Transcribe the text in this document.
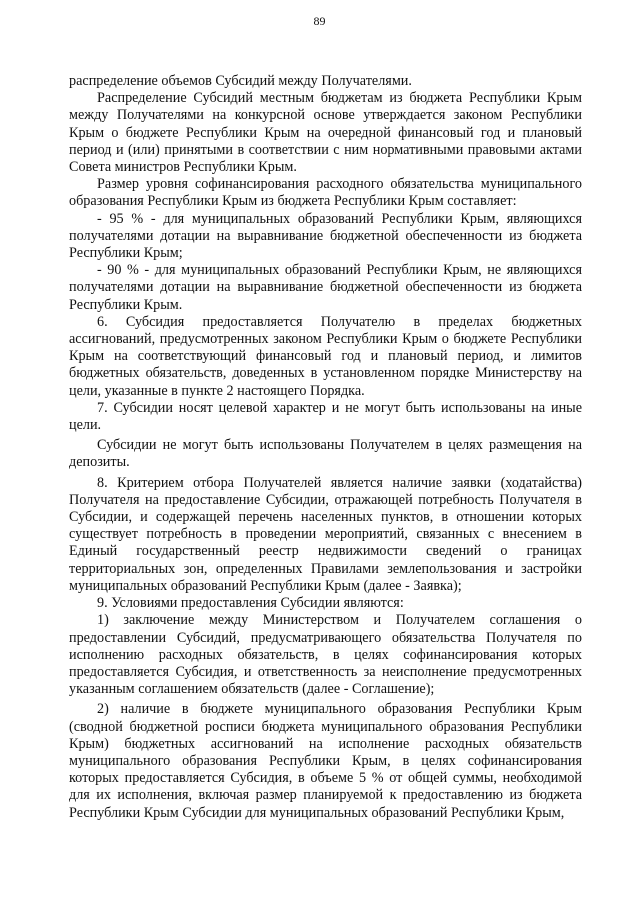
89

распределение объемов Субсидий между Получателями.

Распределение Субсидий местным бюджетам из бюджета Республики Крым между Получателями на конкурсной основе утверждается законом Республики Крым о бюджете Республики Крым на очередной финансовый год и плановый период и (или) принятыми в соответствии с ним нормативными правовыми актами Совета министров Республики Крым.

Размер уровня софинансирования расходного обязательства муниципального образования Республики Крым из бюджета Республики Крым составляет:

- 95 % - для муниципальных образований Республики Крым, являющихся получателями дотации на выравнивание бюджетной обеспеченности из бюджета Республики Крым;

- 90 % - для муниципальных образований Республики Крым, не являющихся получателями дотации на выравнивание бюджетной обеспеченности из бюджета Республики Крым.

6. Субсидия предоставляется Получателю в пределах бюджетных ассигнований, предусмотренных законом Республики Крым о бюджете Республики Крым на соответствующий финансовый год и плановый период, и лимитов бюджетных обязательств, доведенных в установленном порядке Министерству на цели, указанные в пункте 2 настоящего Порядка.

7. Субсидии носят целевой характер и не могут быть использованы на иные цели.

Субсидии не могут быть использованы Получателем в целях размещения на депозиты.

8. Критерием отбора Получателей является наличие заявки (ходатайства) Получателя на предоставление Субсидии, отражающей потребность Получателя в Субсидии, и содержащей перечень населенных пунктов, в отношении которых существует потребность в проведении мероприятий, связанных с внесением в Единый государственный реестр недвижимости сведений о границах территориальных зон, определенных Правилами землепользования и застройки муниципальных образований Республики Крым (далее - Заявка);

9. Условиями предоставления Субсидии являются:

1) заключение между Министерством и Получателем соглашения о предоставлении Субсидий, предусматривающего обязательства Получателя по исполнению расходных обязательств, в целях софинансирования которых предоставляется Субсидия, и ответственность за неисполнение предусмотренных указанным соглашением обязательств (далее - Соглашение);

2) наличие в бюджете муниципального образования Республики Крым (сводной бюджетной росписи бюджета муниципального образования Республики Крым) бюджетных ассигнований на исполнение расходных обязательств муниципального образования Республики Крым, в целях софинансирования которых предоставляется Субсидия, в объеме 5 % от общей суммы, необходимой для их исполнения, включая размер планируемой к предоставлению из бюджета Республики Крым Субсидии для муниципальных образований Республики Крым,
